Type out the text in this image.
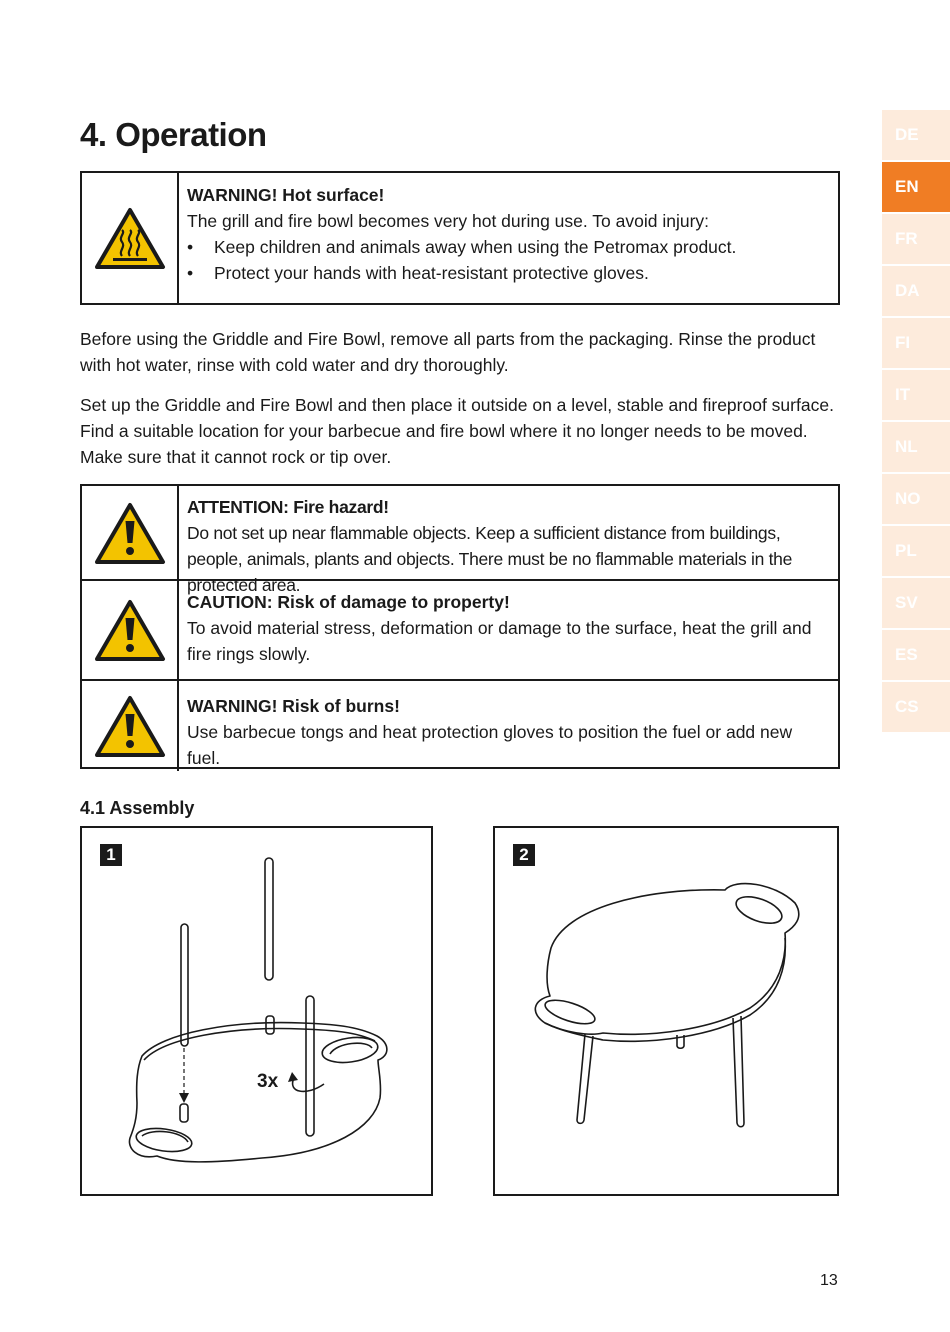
4. Operation
WARNING! Hot surface!
The grill and fire bowl becomes very hot during use. To avoid injury:
• Keep children and animals away when using the Petromax product.
• Protect your hands with heat-resistant protective gloves.

Before using the Griddle and Fire Bowl, remove all parts from the packaging. Rinse the product with hot water, rinse with cold water and dry thoroughly.

Set up the Griddle and Fire Bowl and then place it outside on a level, stable and fireproof surface. Find a suitable location for your barbecue and fire bowl where it no longer needs to be moved. Make sure that it cannot rock or tip over.

ATTENTION: Fire hazard!
Do not set up near flammable objects. Keep a sufficient distance from buildings, people, animals, plants and objects. There must be no flammable materials in the protected area.
CAUTION: Risk of damage to property!
To avoid material stress, deformation or damage to the surface, heat the grill and fire rings slowly.
WARNING! Risk of burns!
Use barbecue tongs and heat protection gloves to position the fuel or add new fuel.
4.1 Assembly
1
3x
2
DE
EN
FR
DA
FI
IT
NL
NO
PL
SV
ES
CS
13
